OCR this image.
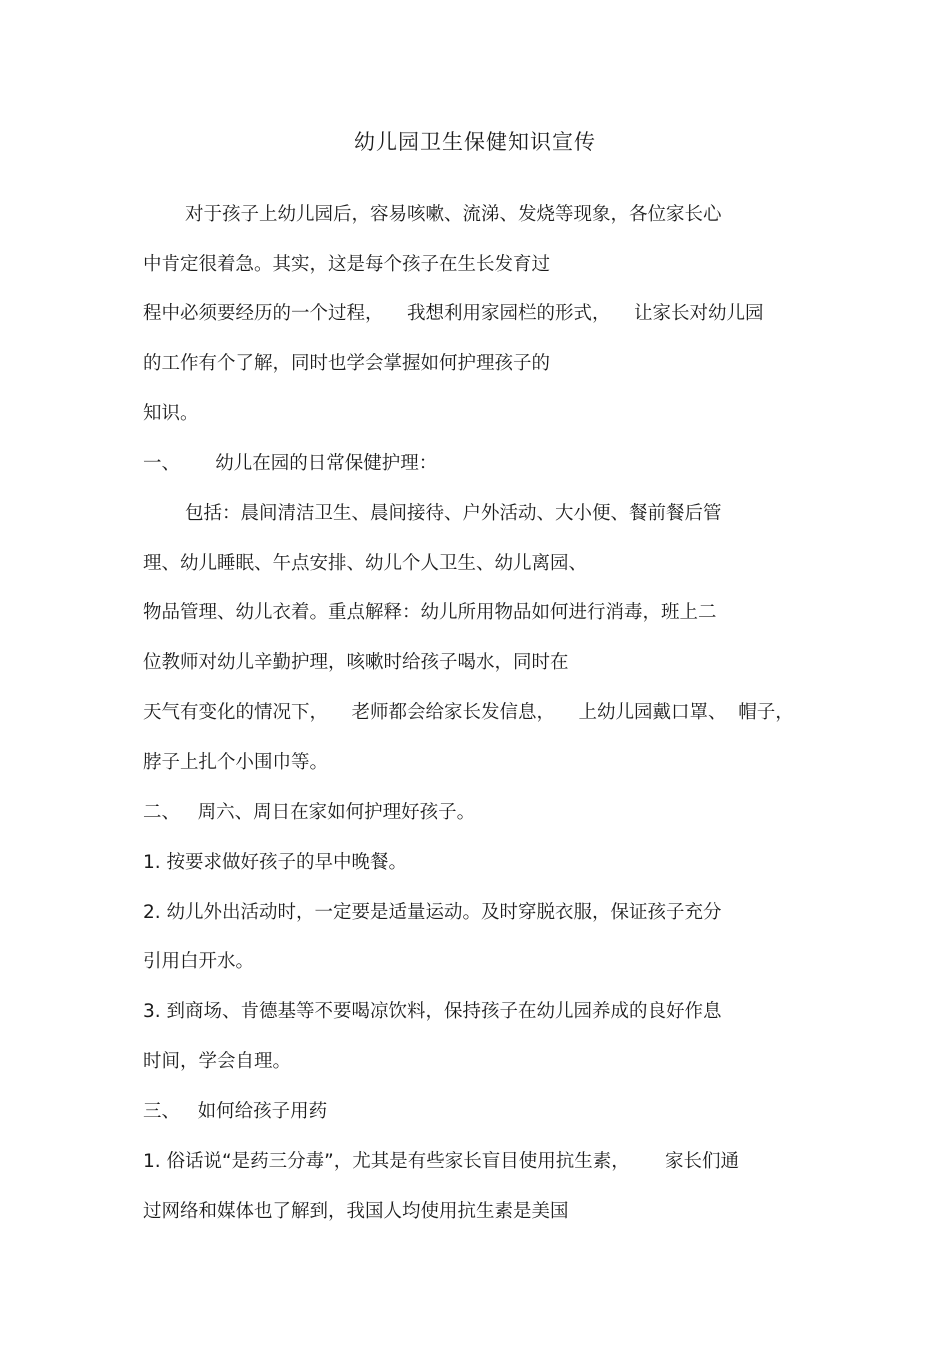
幼儿园卫生保健知识宣传
对于孩子上幼儿园后，容易咳嗽、流涕、发烧等现象，各位家长心
中肯定很着急。其实，这是每个孩子在生长发育过
程中必须要经历的一个过程，    我想利用家园栏的形式，    让家长对幼儿园
的工作有个了解，同时也学会掌握如何护理孩子的
知识。
一、      幼儿在园的日常保健护理：
包括：晨间清洁卫生、晨间接待、户外活动、大小便、餐前餐后管
理、幼儿睡眠、午点安排、幼儿个人卫生、幼儿离园、
物品管理、幼儿衣着。重点解释：幼儿所用物品如何进行消毒，班上二
位教师对幼儿辛勤护理，咳嗽时给孩子喝水，同时在
天气有变化的情况下，    老师都会给家长发信息，    上幼儿园戴口罩、  帽子，
脖子上扎个小围巾等。
二、   周六、周日在家如何护理好孩子。
1. 按要求做好孩子的早中晚餐。
2. 幼儿外出活动时，一定要是适量运动。及时穿脱衣服，保证孩子充分
引用白开水。
3. 到商场、肯德基等不要喝凉饮料，保持孩子在幼儿园养成的良好作息
时间，学会自理。
三、   如何给孩子用药
1. 俗话说“是药三分毒”，尤其是有些家长盲目使用抗生素，      家长们通
过网络和媒体也了解到，我国人均使用抗生素是美国
